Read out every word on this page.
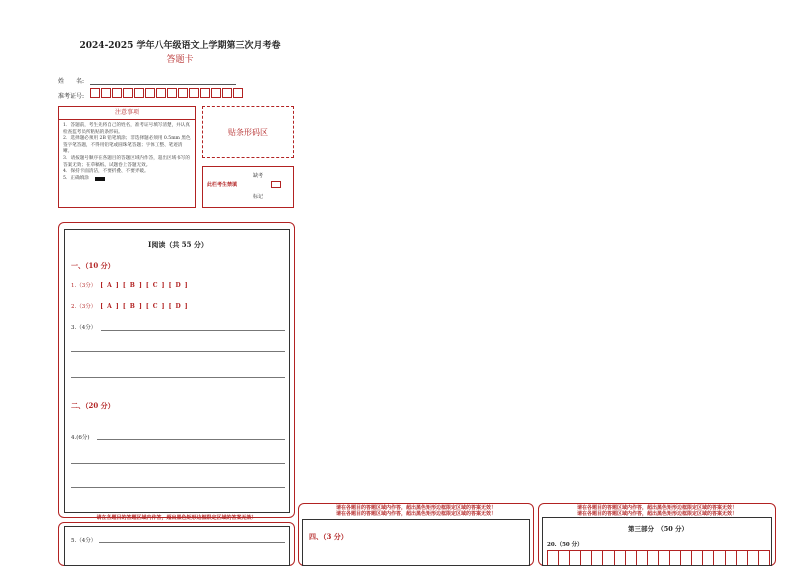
2024-2025 学年八年级语文上学期第三次月考卷
答题卡
姓　　名:
准考证号:
注意事项
1．答题前，考生先将自己的姓名，准考证号填写清楚，并认真检查监考员所粘贴的条形码。
2．选择题必须用 2B 铅笔填涂；非选择题必须用 0.5mm 黑色签字笔答题，不得用铅笔或圆珠笔答题；字体工整、笔迹清晰。
3．请按题号顺序在各题目的答题区域内作答，超出区域书写的答案无效；在草稿纸、试题卷上答题无效。
4．保持卡面清洁，不要折叠、不要弄破。
5．正确填涂
贴条形码区
此栏考生禁填
缺考
标记
Ⅰ阅读（共 55 分）
一、（10 分）
1.（3分） [ A ] [ B ] [ C ] [ D ]
2.（3分） [ A ] [ B ] [ C ] [ D ]
3.（4分）
二、（20 分）
4.(6分)
请在各题目的答题区域内作答，超出黑色矩形边框限定区域的答案无效！
5.（4分）
请在各题目的答题区域内作答，超出黑色矩形边框限定区域的答案无效！
请在各题目的答题区域内作答，超出黑色矩形边框限定区域的答案无效！
四、（3 分）
请在各题目的答题区域内作答，超出黑色矩形边框限定区域的答案无效！
请在各题目的答题区域内作答，超出黑色矩形边框限定区域的答案无效！
第三部分　（50 分）
20.（50 分）
